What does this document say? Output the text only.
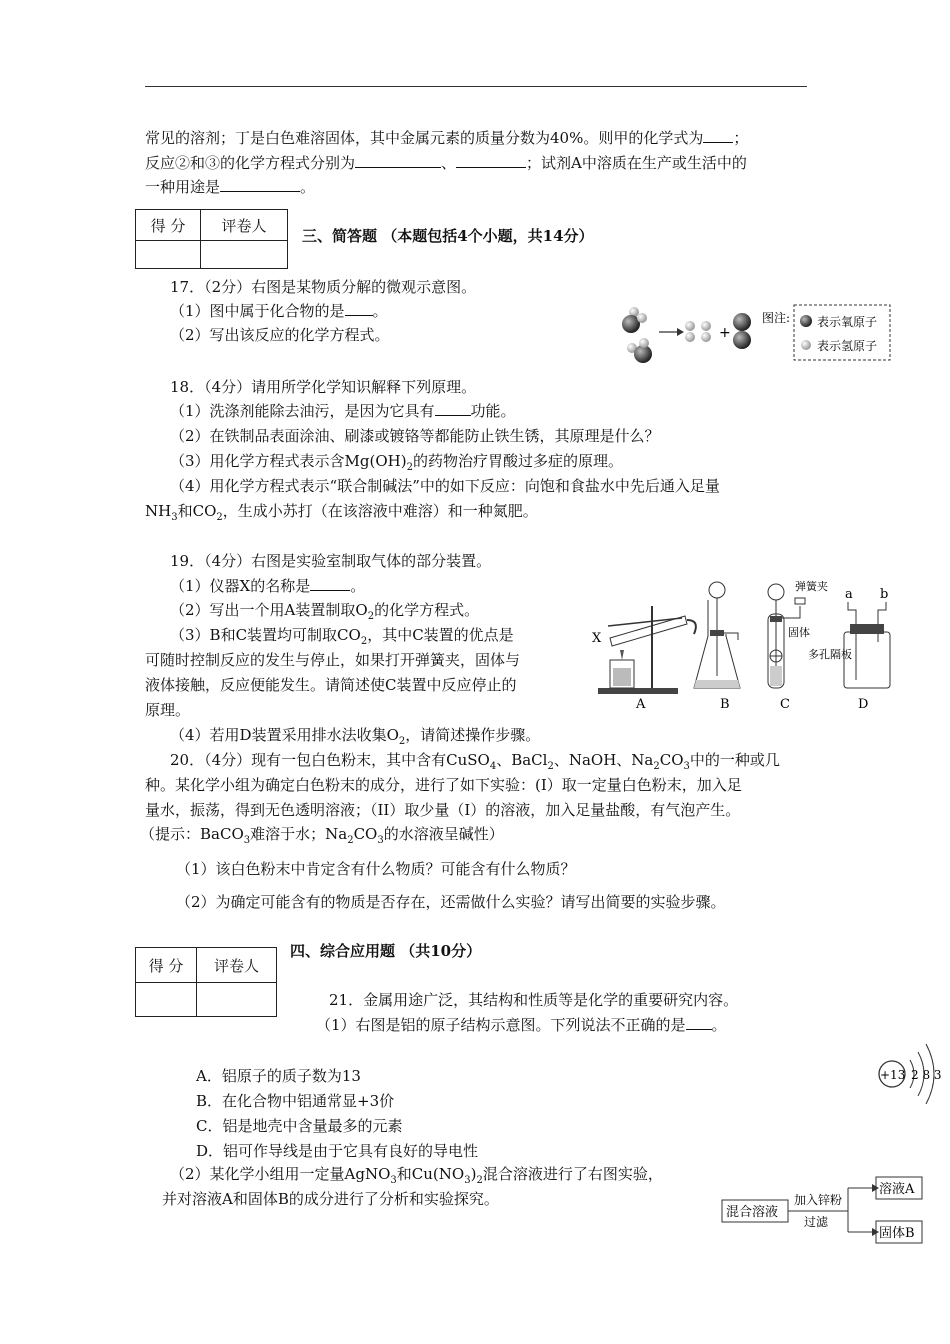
常见的溶剂；丁是白色难溶固体，其中金属元素的质量分数为40%。则甲的化学式为 ；
反应②和③的化学方程式分别为	、	；试剂A中溶质在生产或生活中的
一种用途是	。
得 分	评卷人

三、简答题 （本题包括4个小题，共14分）
17．（2分）右图是某物质分解的微观示意图。
（1）图中属于化合物的是 。
（2）写出该反应的化学方程式。	+
图注: 表示氧原子
表示氢原子
18．（4分）请用所学化学知识解释下列原理。
（1）洗涤剂能除去油污，是因为它具有 功能。
（2）在铁制品表面涂油、刷漆或镀铬等都能防止铁生锈，其原理是什么？
（3）用化学方程式表示含$Mg(OH)_2$的药物治疗胃酸过多症的原理。
（4）用化学方程式表示“联合制碱法”中的如下反应：向饱和食盐水中先后通入足量
$NH_3$和$CO_2$，生成小苏打（在该溶液中难溶）和一种氮肥。
19．（4分）右图是实验室制取气体的部分装置。
（1）仪器X的名称是	。
（2）写出一个用A装置制取$O_2$的化学方程式。
（3）B和C装置均可制取$CO_2$，其中C装置的优点是
可随时控制反应的发生与停止，如果打开弹簧夹，固体与
液体接触，反应便能发生。请简述使C装置中反应停止的
原理。
（4）若用D装置采用排水法收集$O_2$，请简述操作步骤。
X
A	B
弹簧夹
固体
多孔隔板
C
a b
D
20．（4分）现有一包白色粉末，其中含有CuSO$_4$、BaCl$_2$、NaOH、$Na_2CO_3$中的一种或几
种。某化学小组为确定白色粉末的成分，进行了如下实验：(I）取一定量白色粉末，加入足
量水，振荡，得到无色透明溶液；（II）取少量（I）的溶液，加入足量盐酸，有气泡产生。
（提示：BaCO$_3$难溶于水；$Na_2CO_3$的水溶液呈碱性）
（1）该白色粉末中肯定含有什么物质？可能含有什么物质？
（2）为确定可能含有的物质是否存在，还需做什么实验？请写出简要的实验步骤。
四、综合应用题 （共10分）
得 分	评卷人

21．金属用途广泛，其结构和性质等是化学的重要研究内容。
（1）右图是铝的原子结构示意图。下列说法不正确的是 。
A．铝原子的质子数为13
B．在化合物中铝通常显+3价
C．铝是地壳中含量最多的元素
D．铝可作导线是由于它具有良好的导电性
+13 2 8 3
（2）某化学小组用一定量AgNO$_3$和$Cu(NO_3)_2$混合溶液进行了右图实验，
并对溶液A和固体B的成分进行了分析和实验探究。
混合溶液
加入锌粉
过滤
溶液A
固体B
